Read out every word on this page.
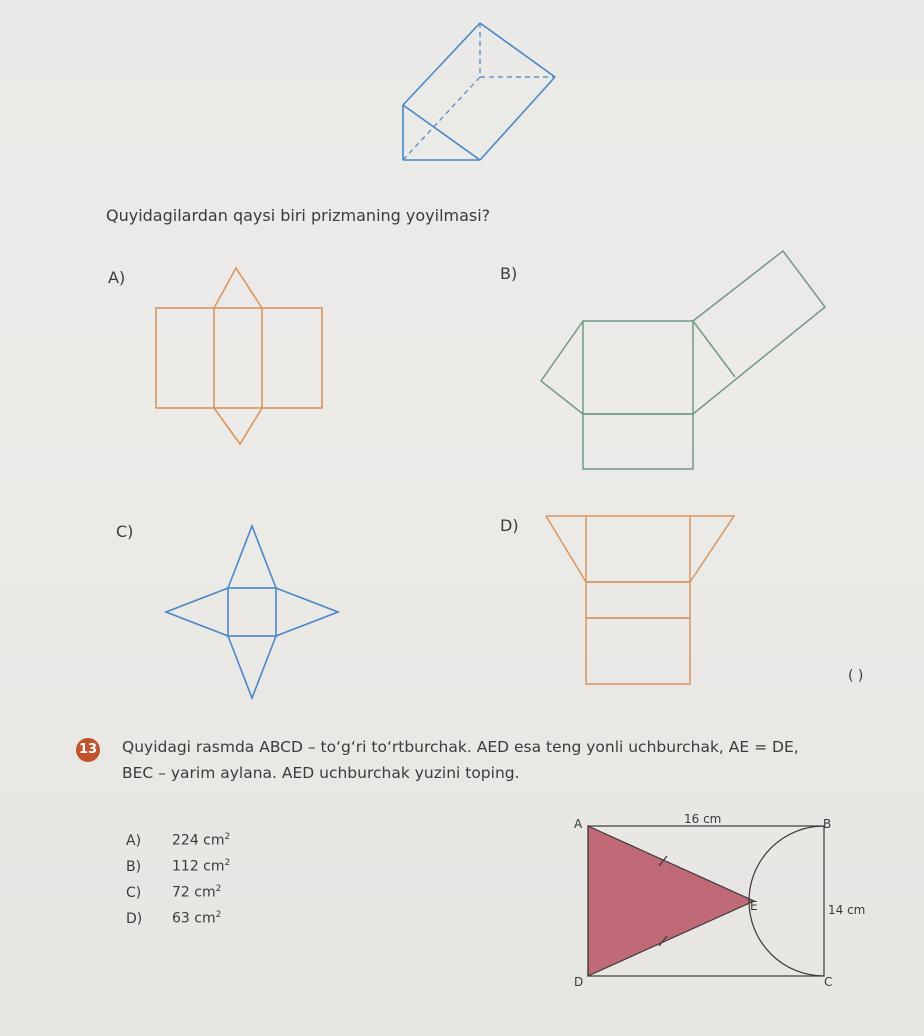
Quyidagilardan qaysi biri prizmaning yoyilmasi?
A)	B)
C)	D)
( )
13 Quyidagi rasmda ABCD – to‘g‘ri to‘rtburchak. AED esa teng yonli uchburchak, AE = DE,
BEC – yarim aylana. AED uchburchak yuzini toping.
A) 224 $cm^2$
B) 112 $cm^2$
C) 72 $cm^2$
D) 63 $cm^2$
A	B
C
D
E
16 cm
14 cm
